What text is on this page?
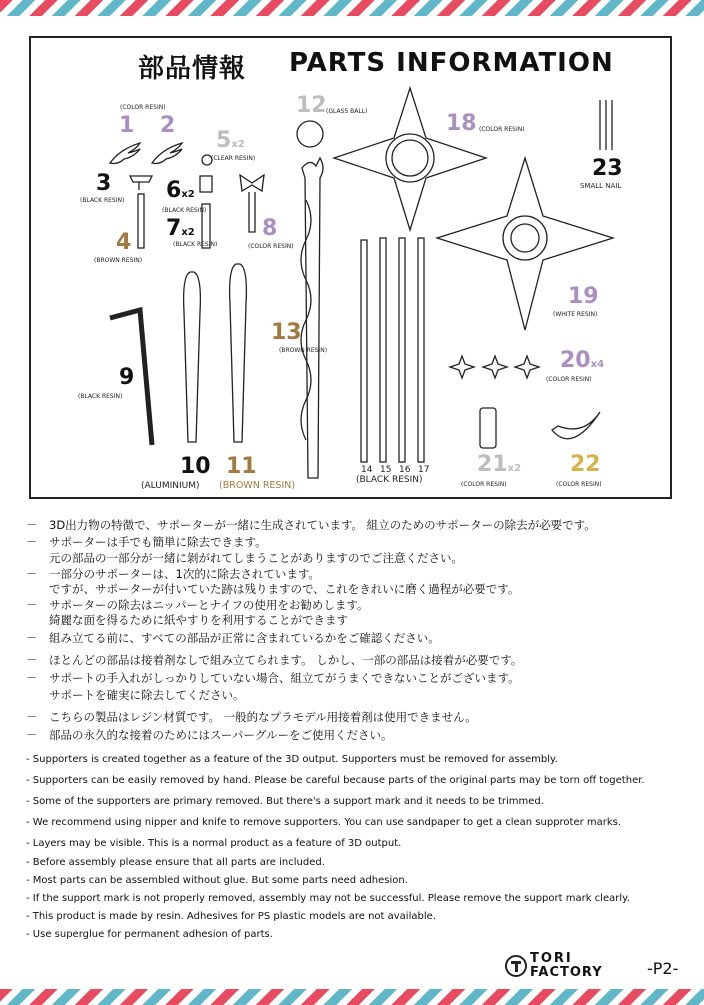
部品情報 PARTS INFORMATION
(COLOR RESIN)
1 2
3
(BLACK RESIN)
4
(BROWN RESIN)
5x2
(CLEAR RESIN)
6x2
(BLACK RESIN)
7x2
(BLACK RESIN)
8
(COLOR RESIN)
9
(BLACK RESIN)
10
(ALUMINIUM)
11
(BROWN RESIN)
12 (GLASS BALL)
13
(BROWN RESIN)
14 15 16 17
(BLACK RESIN)
18 (COLOR RESIN)
19
(WHITE RESIN)
20x4
(COLOR RESIN)
21x2
(COLOR RESIN)
22
(COLOR RESIN)
23
SMALL NAIL
－　3D出力物の特徴で、サポーターが一緒に生成されています。 組立のためのサポーターの除去が必要です。
－　サポーターは手でも簡単に除去できます。
　　元の部品の一部分が一緒に剝がれてしまうことがありますのでご注意ください。
－　一部分のサポーターは、1次的に除去されています。
　　ですが、サポーターが付いていた跡は残りますので、これをきれいに磨く過程が必要です。
－　サポーターの除去はニッパーとナイフの使用をお勧めします。
　　綺麗な面を得るために紙やすりを利用することができます
－　組み立てる前に、すべての部品が正常に含まれているかをご確認ください。
－　ほとんどの部品は接着剤なしで組み立てられます。 しかし、一部の部品は接着が必要です。
－　サポートの手入れがしっかりしていない場合、組立てがうまくできないことがございます。
　　サポートを確実に除去してください。
－　こちらの製品はレジン材質です。 一般的なプラモデル用接着剤は使用できません。
－　部品の永久的な接着のためにはスーパーグルーをご使用ください。
- Supporters is created together as a feature of the 3D output. Supporters must be removed for assembly.
- Supporters can be easily removed by hand. Please be careful because parts of the original parts may be torn off together.
- Some of the supporters are primary removed. But there's a support mark and it needs to be trimmed.
- We recommend using nipper and knife to remove supporters. You can use sandpaper to get a clean supproter marks.
- Layers may be visible. This is a normal product as a feature of 3D output.
- Before assembly please ensure that all parts are included.
- Most parts can be assembled without glue. But some parts need adhesion.
- If the support mark is not properly removed, assembly may not be successful. Please remove the support mark clearly.
- This product is made by resin. Adhesives for PS plastic models are not available.
- Use superglue for permanent adhesion of parts.
TORI
FACTORY	-P2-
